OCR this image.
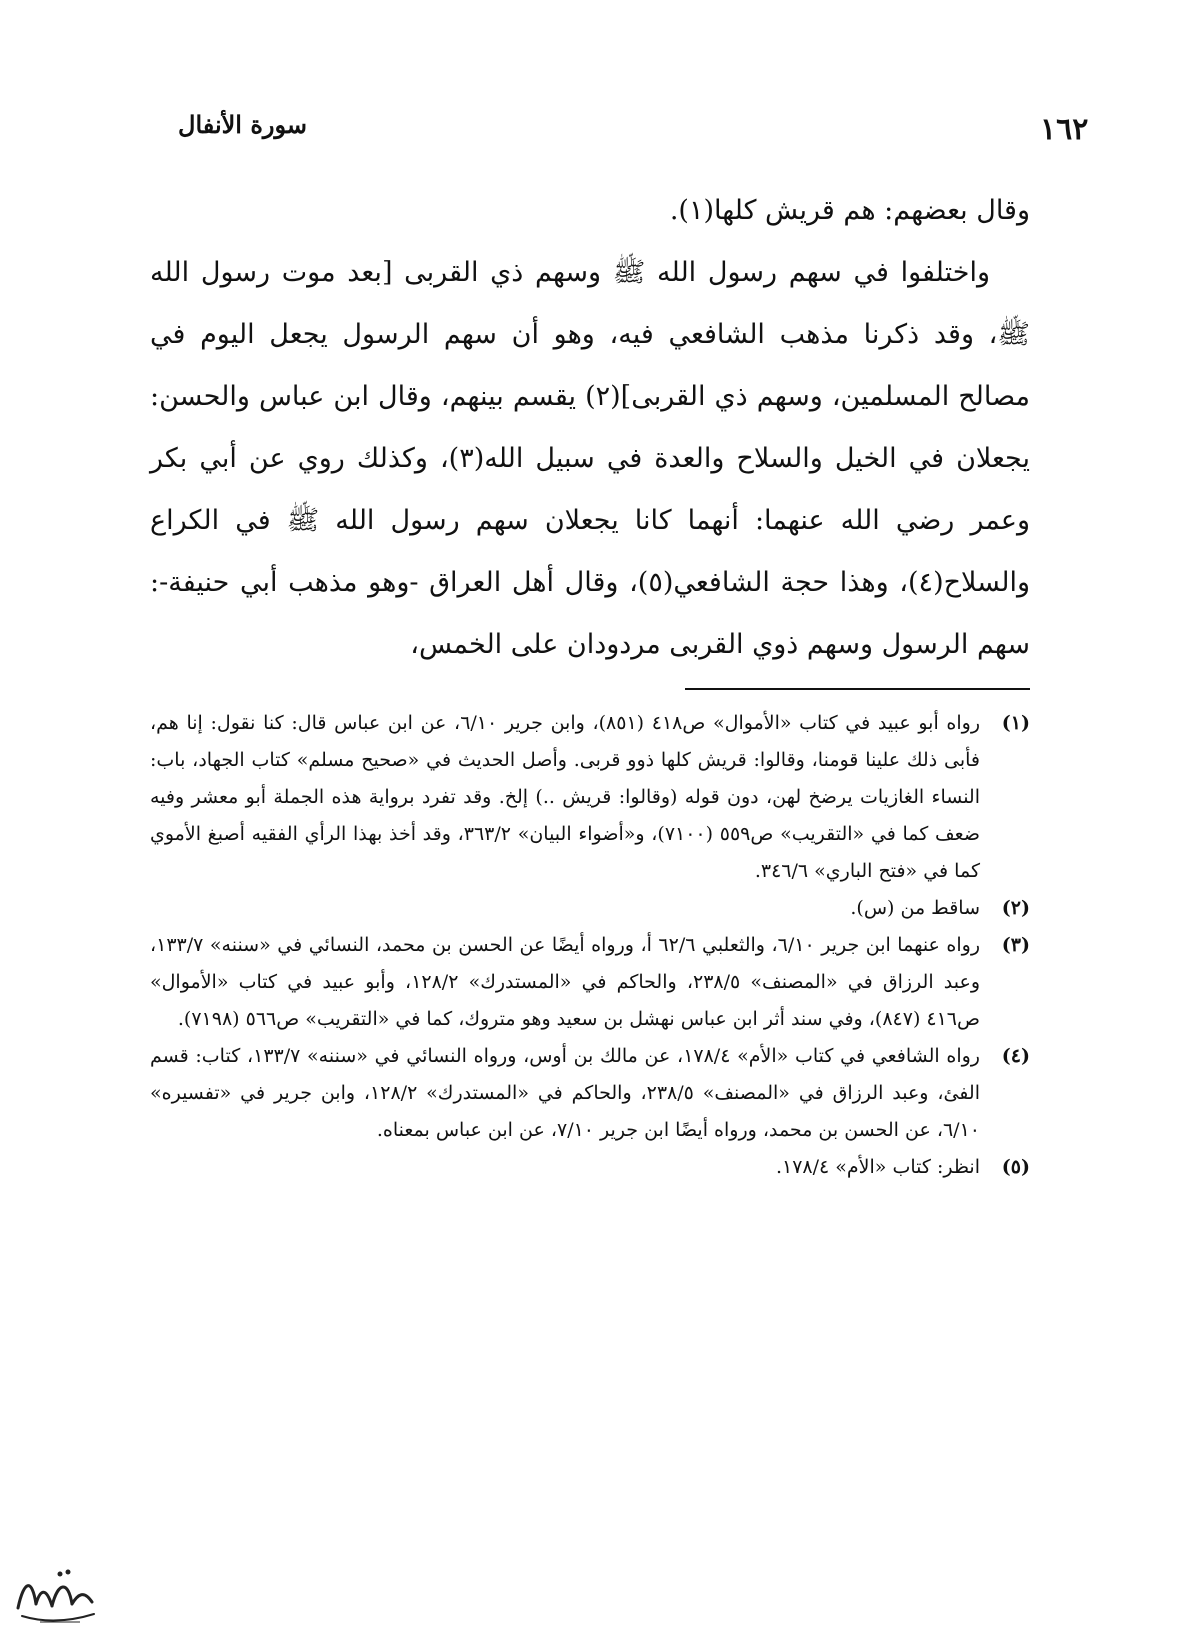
سورة الأنفال	١٦٢

وقال بعضهم: هم قريش كلها(١).

واختلفوا في سهم رسول الله ﷺ وسهم ذي القربى [بعد موت رسول الله ﷺ، وقد ذكرنا مذهب الشافعي فيه، وهو أن سهم الرسول يجعل اليوم في مصالح المسلمين، وسهم ذي القربى](٢) يقسم بينهم، وقال ابن عباس والحسن: يجعلان في الخيل والسلاح والعدة في سبيل الله(٣)، وكذلك روي عن أبي بكر وعمر رضي الله عنهما: أنهما كانا يجعلان سهم رسول الله ﷺ في الكراع والسلاح(٤)، وهذا حجة الشافعي(٥)، وقال أهل العراق -وهو مذهب أبي حنيفة-: سهم الرسول وسهم ذوي القربى مردودان على الخمس،

(١)
رواه أبو عبيد في كتاب «الأموال» ص٤١٨ (٨٥١)، وابن جرير ٦/١٠، عن ابن عباس قال: كنا نقول: إنا هم، فأبى ذلك علينا قومنا، وقالوا: قريش كلها ذوو قربى. وأصل الحديث في «صحيح مسلم» كتاب الجهاد، باب: النساء الغازيات يرضخ لهن، دون قوله (وقالوا: قريش ..) إلخ. وقد تفرد برواية هذه الجملة أبو معشر وفيه ضعف كما في «التقريب» ص٥٥٩ (٧١٠٠)، و«أضواء البيان» ٣٦٣/٢، وقد أخذ بهذا الرأي الفقيه أصبغ الأموي كما في «فتح الباري» ٣٤٦/٦.
(٢)
ساقط من (س).
(٣)
رواه عنهما ابن جرير ٦/١٠، والثعلبي ٦٢/٦ أ، ورواه أيضًا عن الحسن بن محمد، النسائي في «سننه» ١٣٣/٧، وعبد الرزاق في «المصنف» ٢٣٨/٥، والحاكم في «المستدرك» ١٢٨/٢، وأبو عبيد في كتاب «الأموال» ص٤١٦ (٨٤٧)، وفي سند أثر ابن عباس نهشل بن سعيد وهو متروك، كما في «التقريب» ص٥٦٦ (٧١٩٨).
(٤)
رواه الشافعي في كتاب «الأم» ١٧٨/٤، عن مالك بن أوس، ورواه النسائي في «سننه» ١٣٣/٧، كتاب: قسم الفئ، وعبد الرزاق في «المصنف» ٢٣٨/٥، والحاكم في «المستدرك» ١٢٨/٢، وابن جرير في «تفسيره» ٦/١٠، عن الحسن بن محمد، ورواه أيضًا ابن جرير ٧/١٠، عن ابن عباس بمعناه.
(٥)
انظر: كتاب «الأم» ١٧٨/٤.
